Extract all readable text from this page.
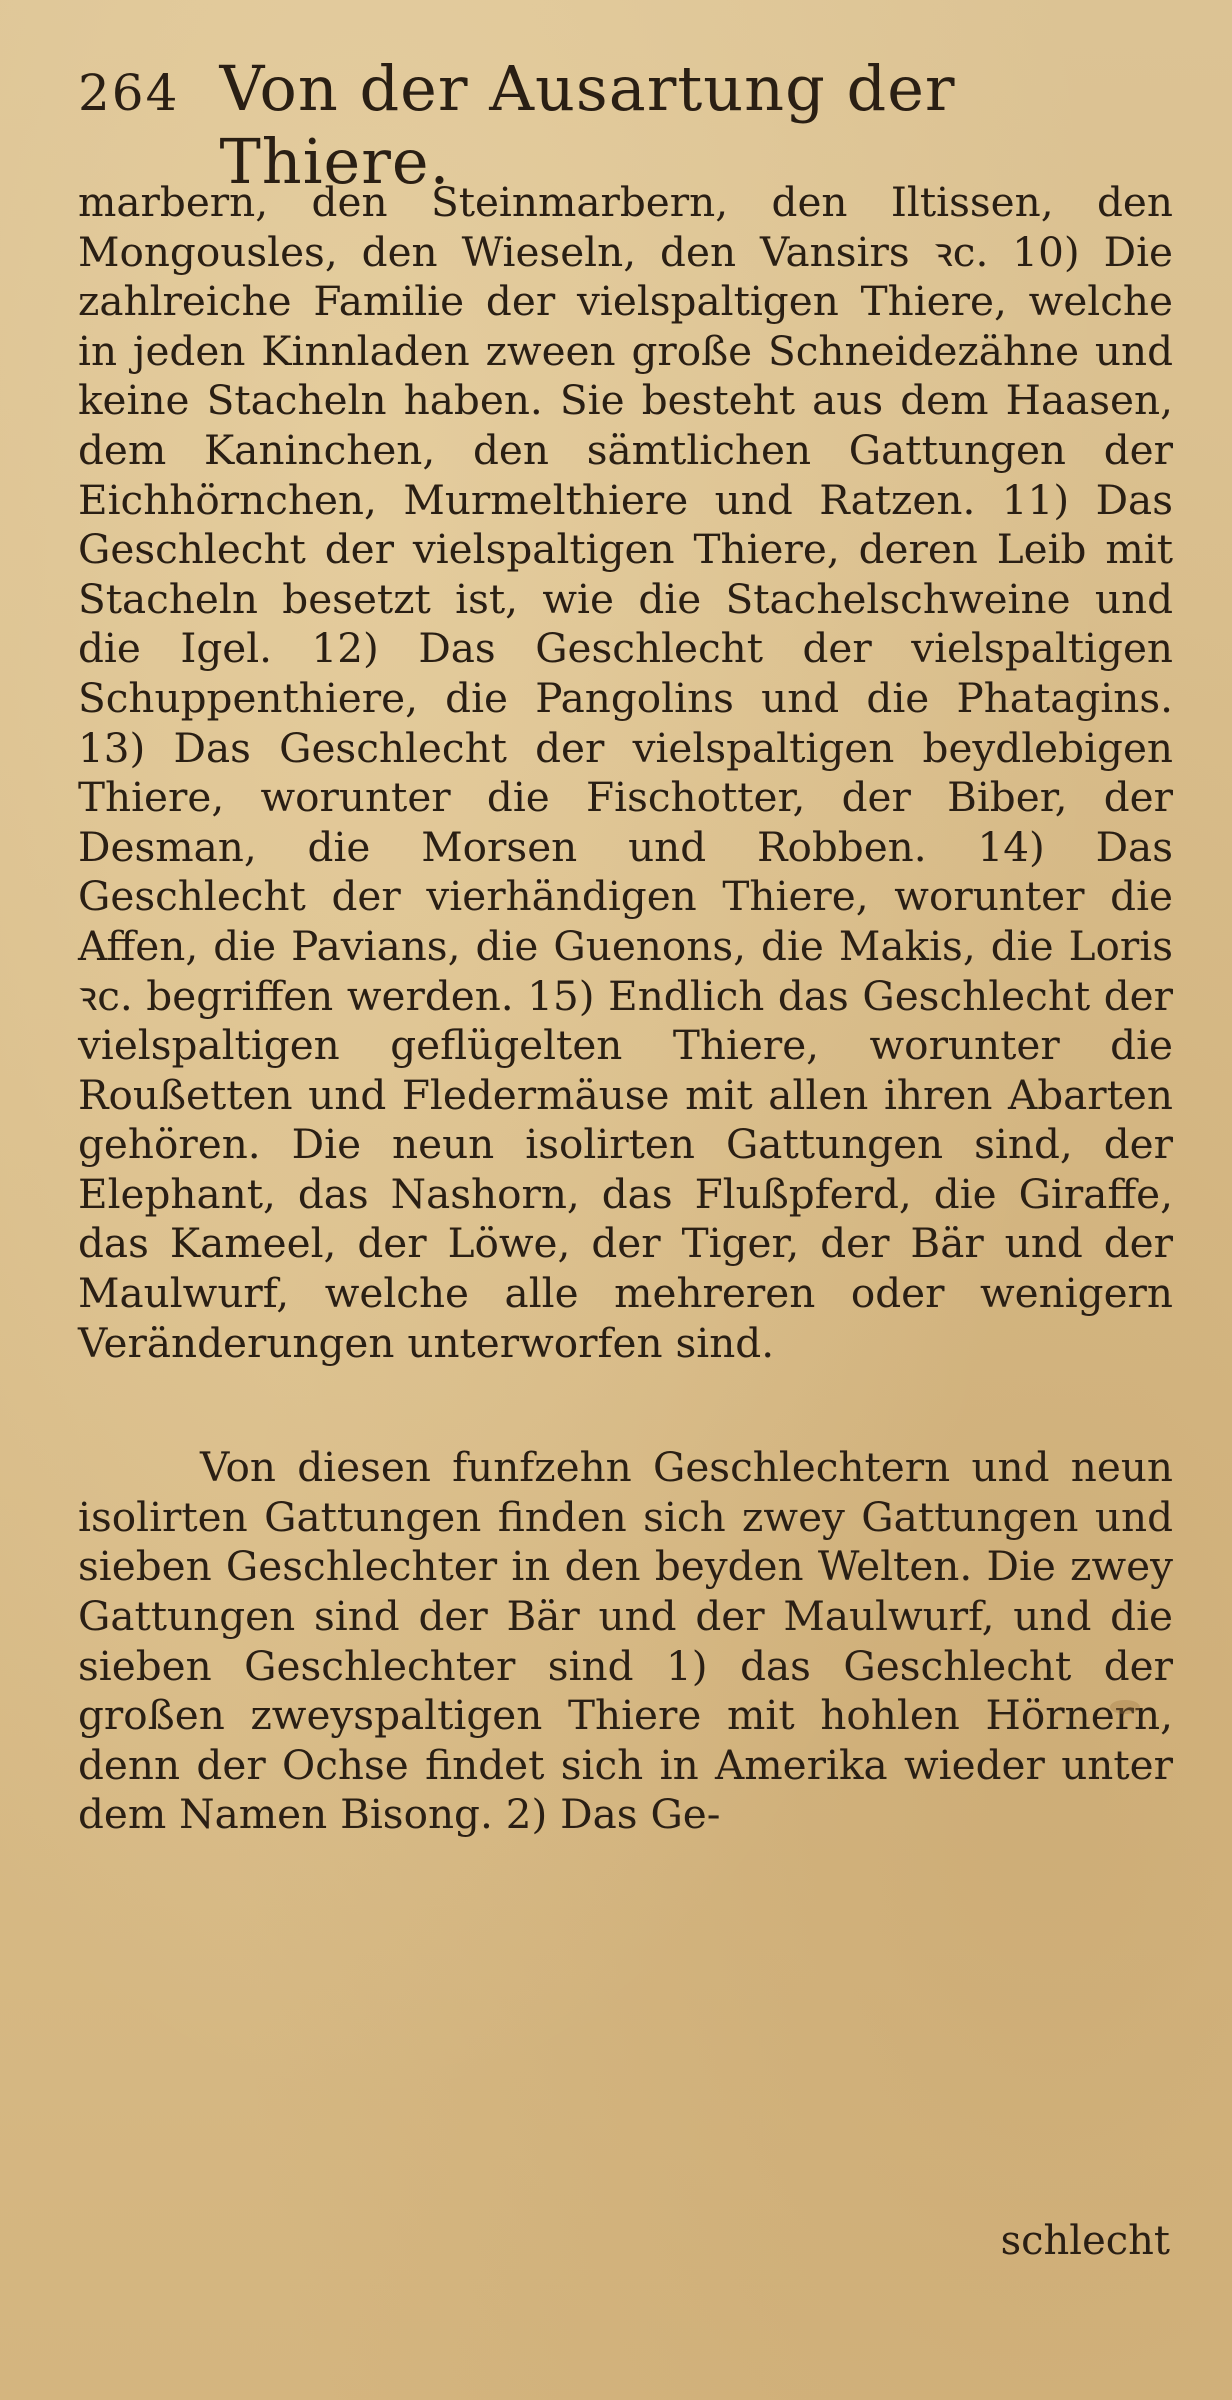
264 Von der Ausartung der Thiere.

marbern, den Steinmarbern, den Iltissen, den Mongousles, den Wieseln, den Vansirs ꝛc. 10) Die zahlreiche Familie der vielspaltigen Thiere, welche in jeden Kinnladen zween große Schneidezähne und keine Stacheln haben. Sie besteht aus dem Haasen, dem Kaninchen, den sämtlichen Gattungen der Eichhörnchen, Murmelthiere und Ratzen. 11) Das Geschlecht der vielspaltigen Thiere, deren Leib mit Stacheln besetzt ist, wie die Stachelschweine und die Igel. 12) Das Geschlecht der vielspaltigen Schuppenthiere, die Pangolins und die Phatagins. 13) Das Geschlecht der vielspaltigen beydlebigen Thiere, worunter die Fischotter, der Biber, der Desman, die Morsen und Robben. 14) Das Geschlecht der vierhändigen Thiere, worunter die Affen, die Pavians, die Guenons, die Makis, die Loris ꝛc. begriffen werden. 15) Endlich das Geschlecht der vielspaltigen geflügelten Thiere, worunter die Roußetten und Fledermäuse mit allen ihren Abarten gehören. Die neun isolirten Gattungen sind, der Elephant, das Nashorn, das Flußpferd, die Giraffe, das Kameel, der Löwe, der Tiger, der Bär und der Maulwurf, welche alle mehreren oder wenigern Veränderungen unterworfen sind.

Von diesen funfzehn Geschlechtern und neun isolirten Gattungen finden sich zwey Gattungen und sieben Geschlechter in den beyden Welten. Die zwey Gattungen sind der Bär und der Maulwurf, und die sieben Geschlechter sind 1) das Geschlecht der großen zweyspaltigen Thiere mit hohlen Hörnern, denn der Ochse findet sich in Amerika wieder unter dem Namen Bisong. 2) Das Ge-

schlecht
